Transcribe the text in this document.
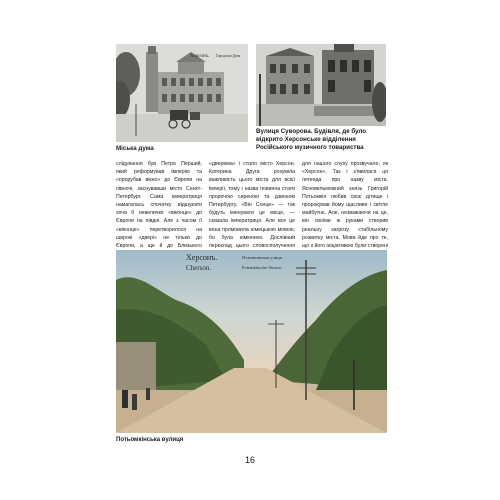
Херсонъ. Городская Дума
Міська дума
Вулиця Суворова. Будівля, де було відкрито Херсонське відділення Російського музичного товариства
слідування був Петро Перший, який реформував імперію та «прорубав вікно» до Європи на півночі, заснувавши місто Санкт-Петербург. Сама імператриця намагалась спочатку відшукати хоча б невеличке «віконце» до Європи на півдні. Але з часом її «віконце» перетворилося на широкі «двері» не тільки до Європи, а ще й до Близького
«дверима» і стало місто Херсон. Катерина Друга розуміла важливість цього міста для всієї імперії, тому і назва повинна стати пророчою сиреною та дзвоном Петербургу. «Він Сонце» — так будуть іменувати це місце, — сказала імператриця. Але все це вона промовила німецькою мовою, бо була німкенею. Дослівний переклад цього словосполучення
для нашого слуху прозвучало, як «Херсон». Так і з'явилася ця легенда про назву міста. Ясновельможний князь Григорій Потьомкін любив своє дітище і пророкував йому щасливе і світле майбутнє. Але, незважаючи на це, він своїми ж руками створив реальну загрозу стабільному розвитку міста. Мова йде про те, що з його ініціативою були створені
Херсонъ.
Cherson.
Потемкинская улица.
Potemkinsche Strasse.
Потьомкінська вулиця
16
